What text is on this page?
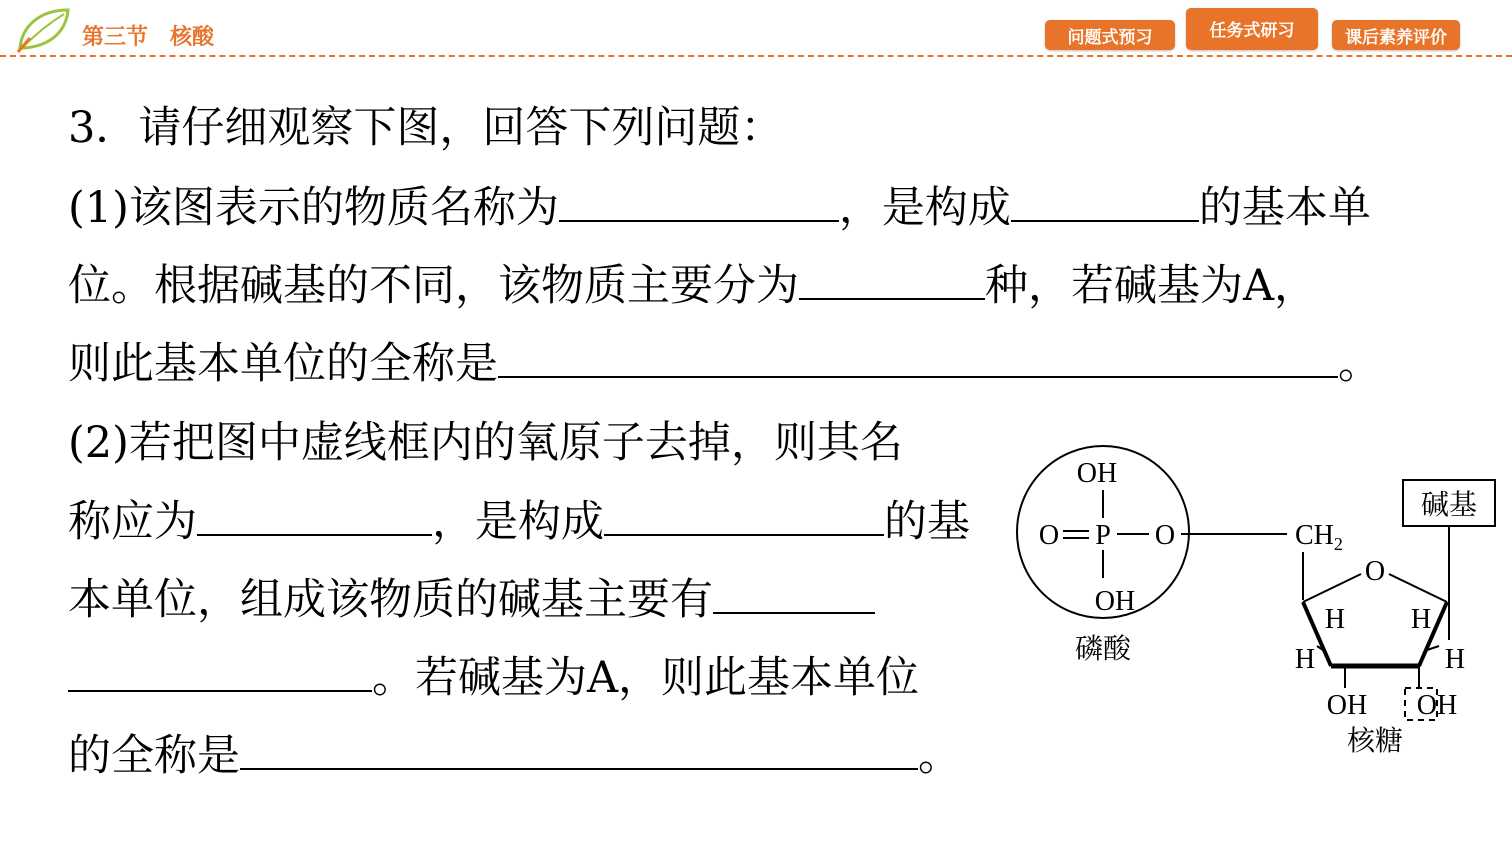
第三节　核酸	问题式预习	任务式研习	课后素养评价
3．请仔细观察下图，回答下列问题：
(1)该图表示的物质名称为	，是构成	的基本单
位。根据碱基的不同，该物质主要分为	种，若碱基为A，
则此基本单位的全称是	。
(2)若把图中虚线框内的氧原子去掉，则其名
称应为	，是构成	的基
本单位，组成该物质的碱基主要有
。若碱基为A，则此基本单位
的全称是	。
OH
O P O
OH
磷酸
$CH_2$
O
H H
H	H
OH OH
核糖
碱基
